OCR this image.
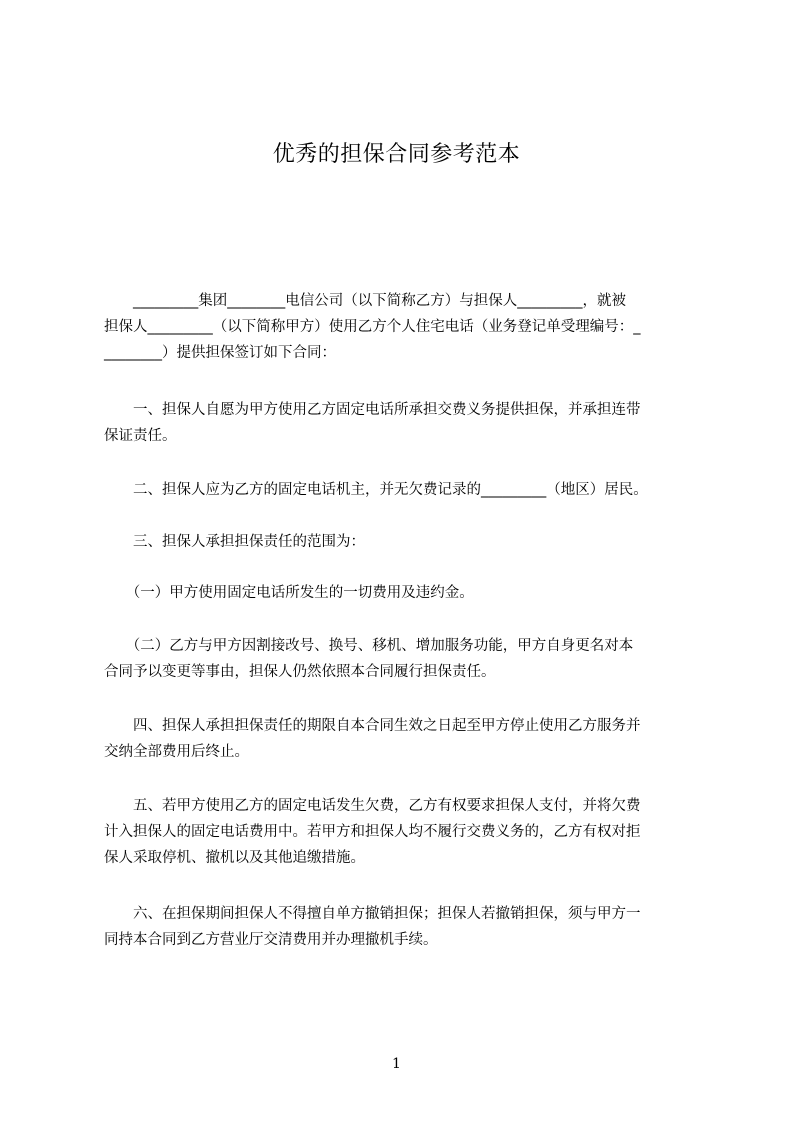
优秀的担保合同参考范本
　　_________集团________电信公司（以下简称乙方）与担保人_________，就被
担保人_________（以下简称甲方）使用乙方个人住宅电话（业务登记单受理编号：_
________）提供担保签订如下合同：
　　一、担保人自愿为甲方使用乙方固定电话所承担交费义务提供担保，并承担连带
保证责任。
　　二、担保人应为乙方的固定电话机主，并无欠费记录的_________（地区）居民。
　　三、担保人承担担保责任的范围为：
　　（一）甲方使用固定电话所发生的一切费用及违约金。
　　（二）乙方与甲方因割接改号、换号、移机、增加服务功能，甲方自身更名对本
合同予以变更等事由，担保人仍然依照本合同履行担保责任。
　　四、担保人承担担保责任的期限自本合同生效之日起至甲方停止使用乙方服务并
交纳全部费用后终止。
　　五、若甲方使用乙方的固定电话发生欠费，乙方有权要求担保人支付，并将欠费
计入担保人的固定电话费用中。若甲方和担保人均不履行交费义务的，乙方有权对拒
保人采取停机、撤机以及其他追缴措施。
　　六、在担保期间担保人不得擅自单方撤销担保；担保人若撤销担保，须与甲方一
同持本合同到乙方营业厅交清费用并办理撤机手续。
1
